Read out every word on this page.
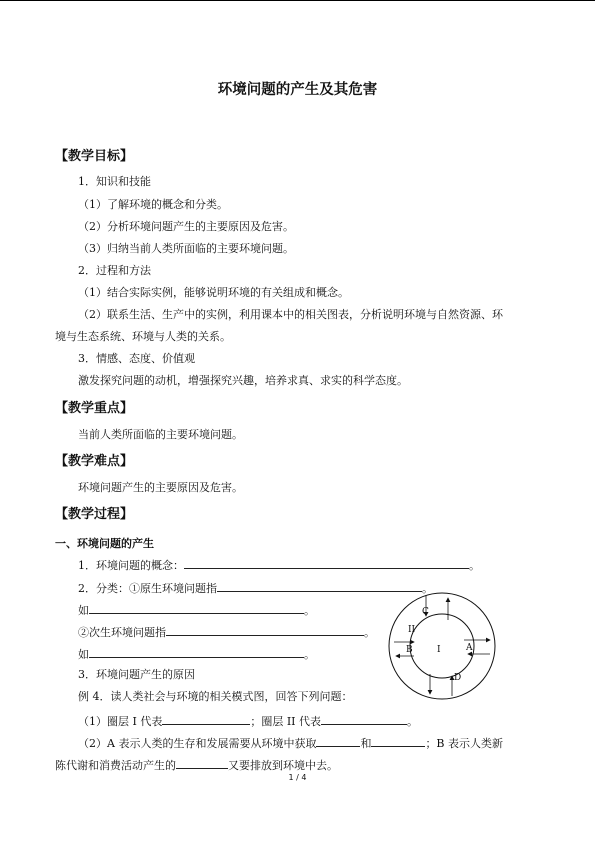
环境问题的产生及其危害
【教学目标】
1．知识和技能
（1）了解环境的概念和分类。
（2）分析环境问题产生的主要原因及危害。
（3）归纳当前人类所面临的主要环境问题。
2．过程和方法
（1）结合实际实例，能够说明环境的有关组成和概念。
（2）联系生活、生产中的实例，利用课本中的相关图表，分析说明环境与自然资源、环
境与生态系统、环境与人类的关系。
3．情感、态度、价值观
激发探究问题的动机，增强探究兴趣，培养求真、求实的科学态度。
【教学重点】
当前人类所面临的主要环境问题。
【教学难点】
环境问题产生的主要原因及危害。
【教学过程】
一、环境问题的产生
1．环境问题的概念：	。
2．分类：①原生环境问题指	。
如	。
②次生环境问题指	。
如	。
3．环境问题产生的原因
例 4．读人类社会与环境的相关模式图，回答下列问题：
（1）圈层 I 代表	；圈层 II 代表	。
（2）A 表示人类的生存和发展需要从环境中获取	和	；B 表示人类新
陈代谢和消费活动产生的	又要排放到环境中去。
C
II
I	A
B
D
1 / 4
